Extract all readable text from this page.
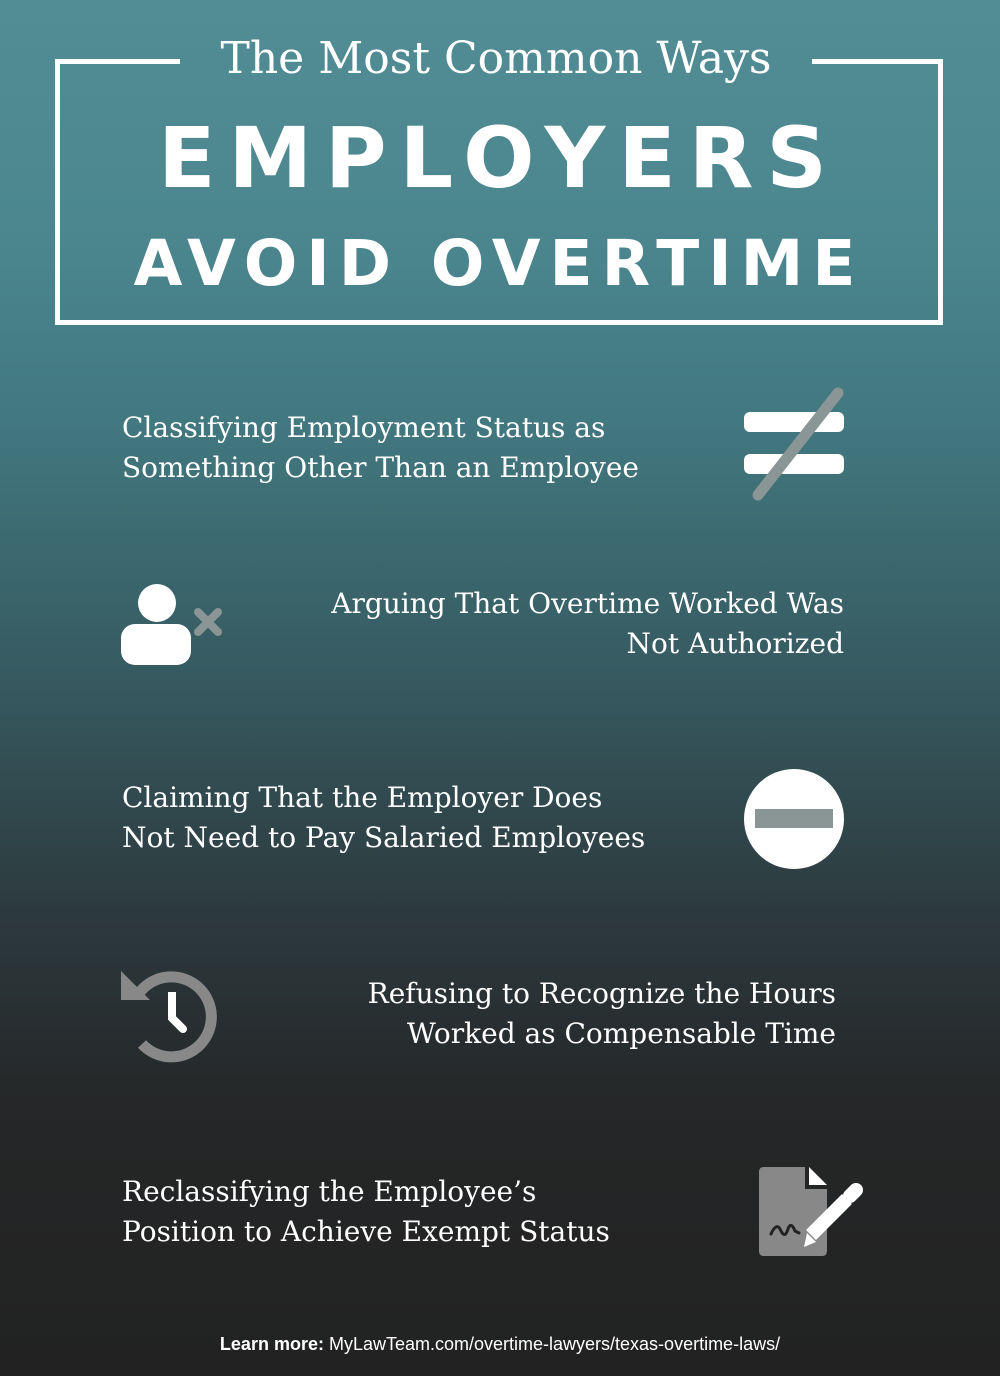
The Most Common Ways
EMPLOYERS
AVOID OVERTIME
Classifying Employment Status as
Something Other Than an Employee
Arguing That Overtime Worked Was
Not Authorized
Claiming That the Employer Does
Not Need to Pay Salaried Employees
Refusing to Recognize the Hours
Worked as Compensable Time
Reclassifying the Employee’s
Position to Achieve Exempt Status
Learn more: MyLawTeam.com/overtime-lawyers/texas-overtime-laws/
